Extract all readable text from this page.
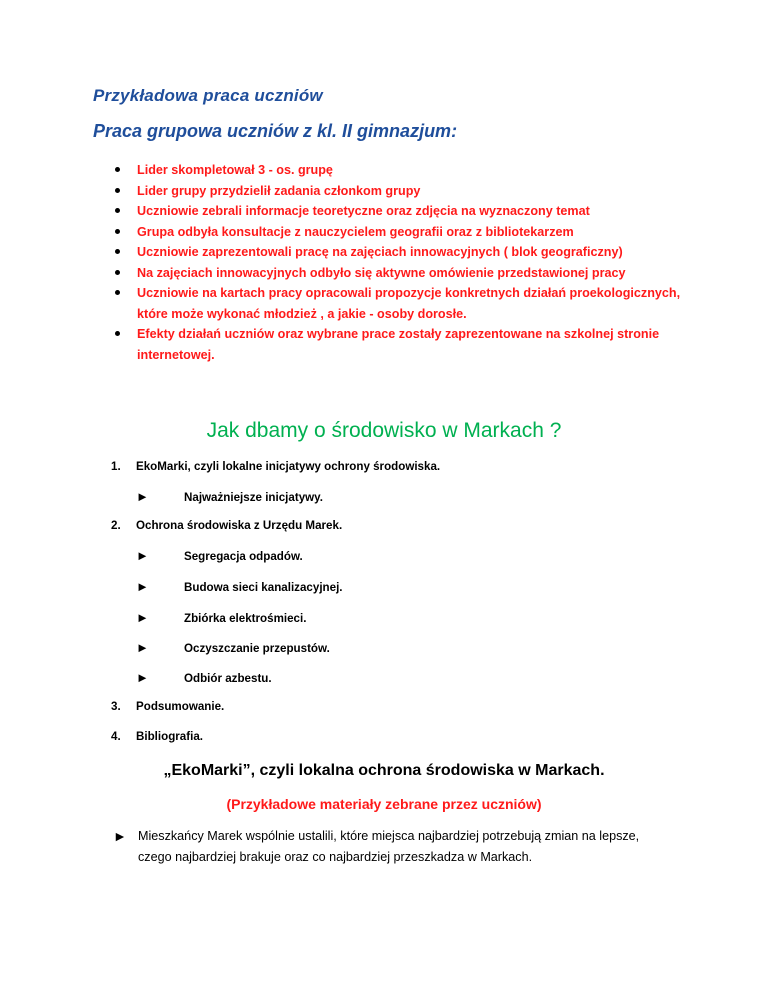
Przykładowa praca uczniów
Praca grupowa uczniów z kl. II gimnazjum:
Lider skompletował 3 - os. grupę
Lider grupy przydzielił zadania członkom grupy
Uczniowie zebrali informacje teoretyczne oraz zdjęcia na wyznaczony temat
Grupa odbyła konsultacje z nauczycielem geografii oraz z bibliotekarzem
Uczniowie zaprezentowali pracę na zajęciach innowacyjnych ( blok geograficzny)
Na zajęciach innowacyjnych odbyło się aktywne omówienie przedstawionej pracy
Uczniowie na kartach pracy opracowali propozycje konkretnych działań proekologicznych, które może wykonać młodzież , a jakie - osoby dorosłe.
Efekty działań uczniów oraz wybrane prace zostały zaprezentowane na szkolnej stronie internetowej.
Jak dbamy o środowisko w Markach ?
1. EkoMarki, czyli lokalne inicjatywy ochrony środowiska.
►	Najważniejsze inicjatywy.
2. Ochrona środowiska z Urzędu Marek.
►	Segregacja odpadów.
►	Budowa sieci kanalizacyjnej.
►	Zbiórka elektrośmieci.
►	Oczyszczanie przepustów.
►	Odbiór azbestu.
3. Podsumowanie.
4. Bibliografia.
„EkoMarki”, czyli lokalna ochrona środowiska w Markach.
(Przykładowe materiały zebrane przez uczniów)
► Mieszkańcy Marek wspólnie ustalili, które miejsca najbardziej potrzebują zmian na lepsze, czego najbardziej brakuje oraz co najbardziej przeszkadza w Markach.
